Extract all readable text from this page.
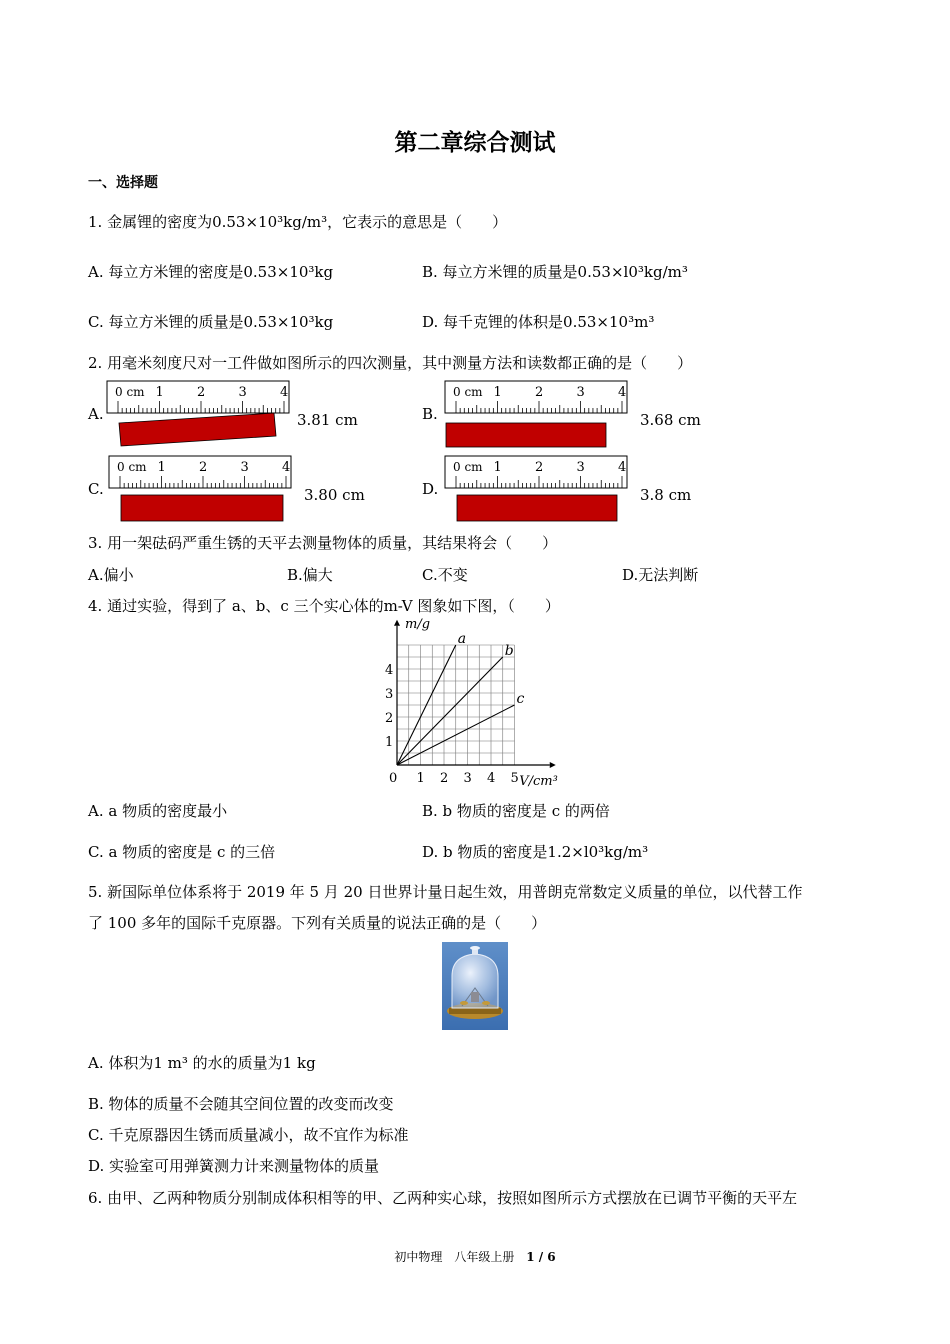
第二章综合测试
一、选择题
1. 金属锂的密度为0.53×10³kg/m³，它表示的意思是（　　）
A. 每立方米锂的密度是0.53×10³kg	B. 每立方米锂的质量是0.53×l0³kg/m³
C. 每立方米锂的质量是0.53×10³kg	D. 每千克锂的体积是0.53×10³m³
2. 用毫米刻度尺对一工件做如图所示的四次测量，其中测量方法和读数都正确的是（　　）
A.
0 cm 1	2	3	4
3.81 cm	B.
0 cm 1	2	3	4
3.68 cm
C.
0 cm 1	2	3	4
3.80 cm	D.
0 cm 1	2	3	4
3.8 cm
3. 用一架砝码严重生锈的天平去测量物体的质量，其结果将会（　　）
A.偏小	B.偏大	C.不变	D.无法判断
4. 通过实验，得到了 a、b、c 三个实心体的m-V 图象如下图，（　　）
0 1 2 3 4 5
1
2
3
4
m/g
V/cm³
a
b
c
A. a 物质的密度最小	B. b 物质的密度是 c 的两倍
C. a 物质的密度是 c 的三倍	D. b 物质的密度是1.2×l0³kg/m³
5. 新国际单位体系将于 2019 年 5 月 20 日世界计量日起生效，用普朗克常数定义质量的单位，以代替工作
了 100 多年的国际千克原器。下列有关质量的说法正确的是（　　）
A. 体积为1 m³ 的水的质量为1 kg
B. 物体的质量不会随其空间位置的改变而改变
C. 千克原器因生锈而质量减小，故不宜作为标准
D. 实验室可用弹簧测力计来测量物体的质量
6. 由甲、乙两种物质分别制成体积相等的甲、乙两种实心球，按照如图所示方式摆放在已调节平衡的天平左
初中物理　八年级上册 1 / 6
